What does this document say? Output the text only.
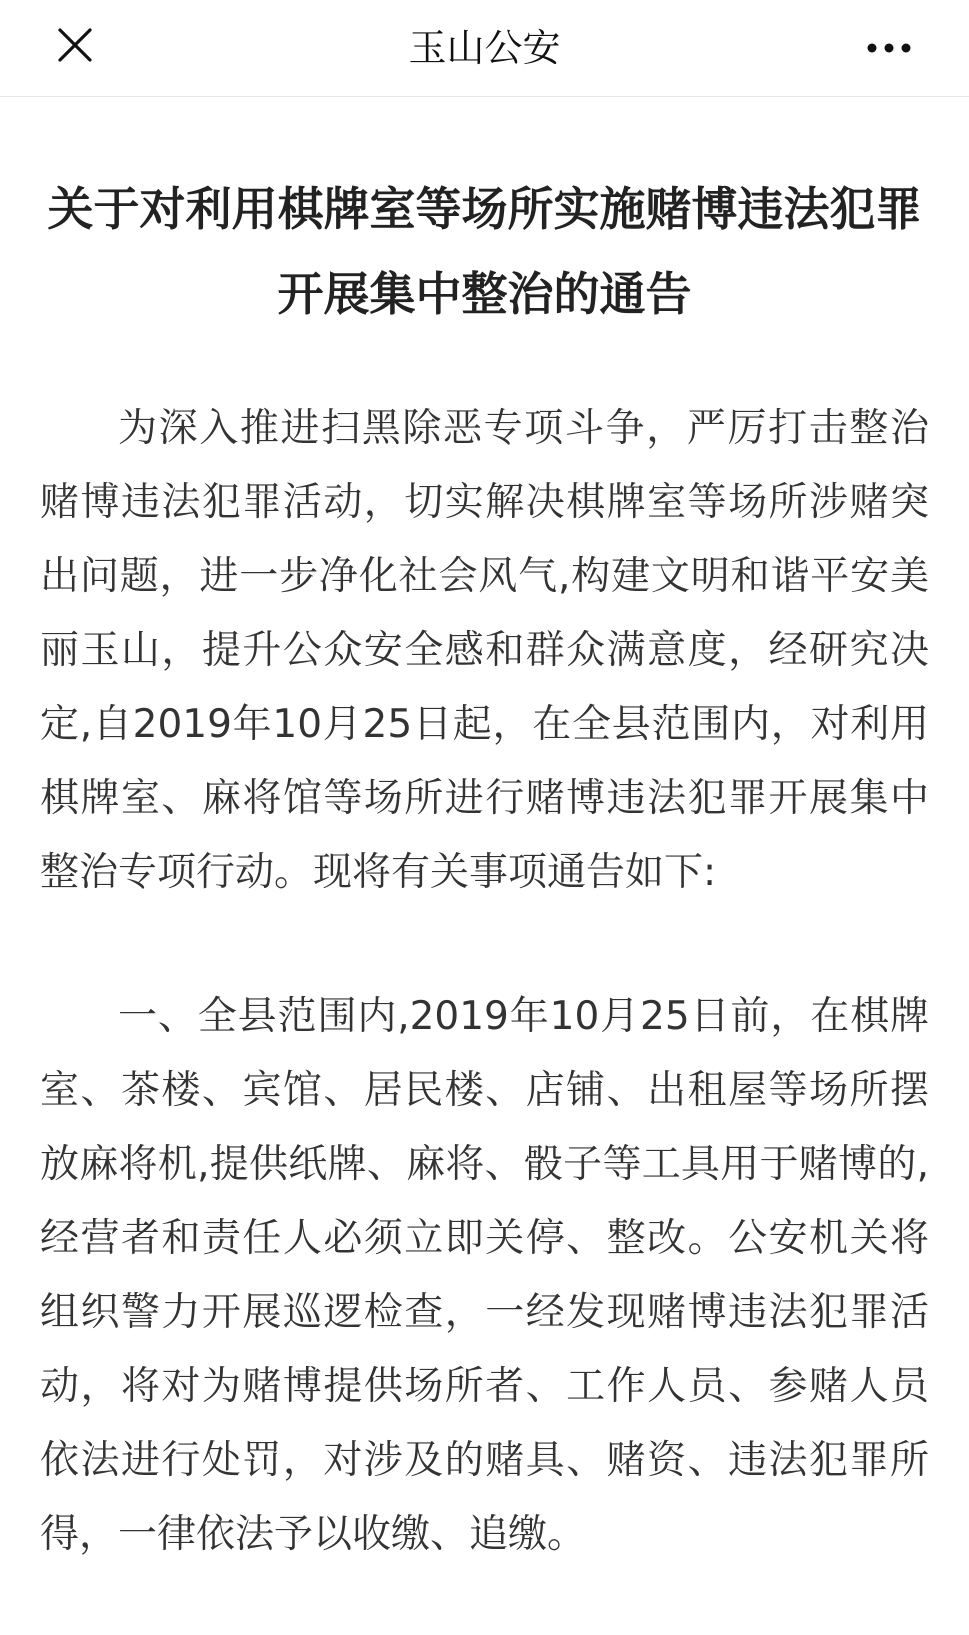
玉山公安
关于对利用棋牌室等场所实施赌博违法犯罪开展集中整治的通告

为深入推进扫黑除恶专项斗争，严厉打击整治赌博违法犯罪活动，切实解决棋牌室等场所涉赌突出问题，进一步净化社会风气,构建文明和谐平安美丽玉山，提升公众安全感和群众满意度，经研究决定,自2019年10月25日起，在全县范围内，对利用棋牌室、麻将馆等场所进行赌博违法犯罪开展集中整治专项行动。现将有关事项通告如下:

一、全县范围内,2019年10月25日前，在棋牌室、茶楼、宾馆、居民楼、店铺、出租屋等场所摆放麻将机,提供纸牌、麻将、骰子等工具用于赌博的,经营者和责任人必须立即关停、整改。公安机关将组织警力开展巡逻检查，一经发现赌博违法犯罪活动，将对为赌博提供场所者、工作人员、参赌人员依法进行处罚，对涉及的赌具、赌资、违法犯罪所得，一律依法予以收缴、追缴。
